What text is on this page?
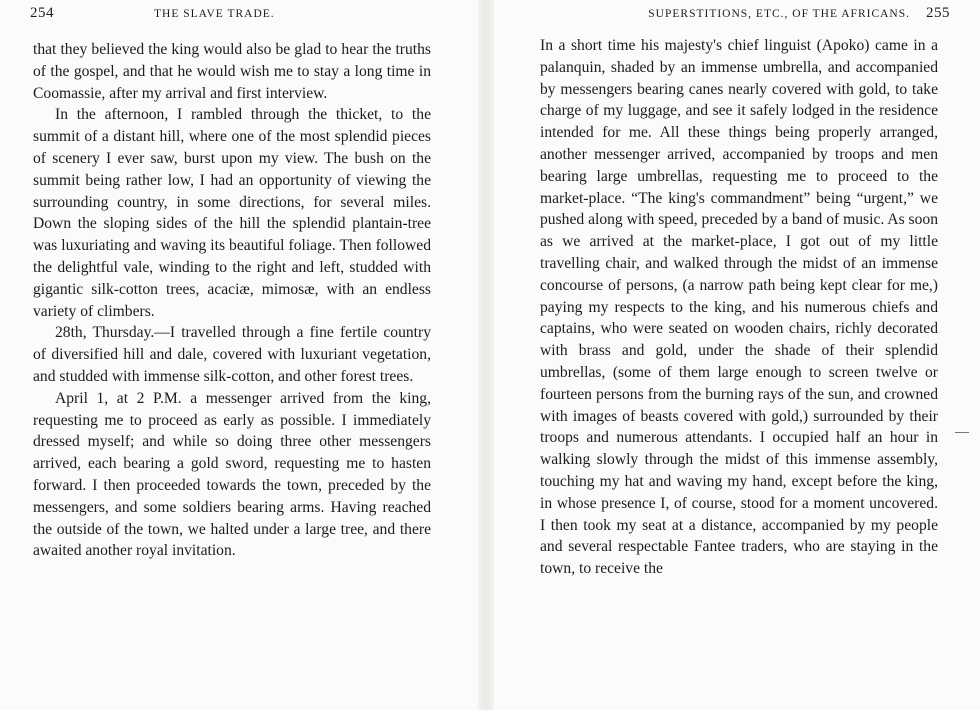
254	THE SLAVE TRADE.

that they believed the king would also be glad to hear the truths of the gospel, and that he would wish me to stay a long time in Coomassie, after my arrival and first interview.

In the afternoon, I rambled through the thicket, to the summit of a distant hill, where one of the most splendid pieces of scenery I ever saw, burst upon my view. The bush on the summit being rather low, I had an opportunity of viewing the surrounding country, in some directions, for several miles. Down the sloping sides of the hill the splendid plantain-tree was luxuriating and waving its beautiful foliage. Then followed the delightful vale, winding to the right and left, studded with gigantic silk-cotton trees, acaciæ, mimosæ, with an endless variety of climbers.

28th, Thursday.—I travelled through a fine fertile country of diversified hill and dale, covered with luxuriant vegetation, and studded with immense silk-cotton, and other forest trees.

April 1, at 2 P.M. a messenger arrived from the king, requesting me to proceed as early as possible. I immediately dressed myself; and while so doing three other messengers arrived, each bearing a gold sword, requesting me to hasten forward. I then proceeded towards the town, preceded by the messengers, and some soldiers bearing arms. Having reached the outside of the town, we halted under a large tree, and there awaited another royal invitation.

SUPERSTITIONS, ETC., OF THE AFRICANS. 255

In a short time his majesty's chief linguist (Apoko) came in a palanquin, shaded by an immense umbrella, and accompanied by messengers bearing canes nearly covered with gold, to take charge of my luggage, and see it safely lodged in the residence intended for me. All these things being properly arranged, another messenger arrived, accompanied by troops and men bearing large umbrellas, requesting me to proceed to the market-place. “The king's commandment” being “urgent,” we pushed along with speed, preceded by a band of music. As soon as we arrived at the market-place, I got out of my little travelling chair, and walked through the midst of an immense concourse of persons, (a narrow path being kept clear for me,) paying my respects to the king, and his numerous chiefs and captains, who were seated on wooden chairs, richly decorated with brass and gold, under the shade of their splendid umbrellas, (some of them large enough to screen twelve or fourteen persons from the burning rays of the sun, and crowned with images of beasts covered with gold,) surrounded by their troops and numerous attendants. I occupied half an hour in walking slowly through the midst of this immense assembly, touching my hat and waving my hand, except before the king, in whose presence I, of course, stood for a moment uncovered. I then took my seat at a distance, accompanied by my people and several respectable Fantee traders, who are staying in the town, to receive the
